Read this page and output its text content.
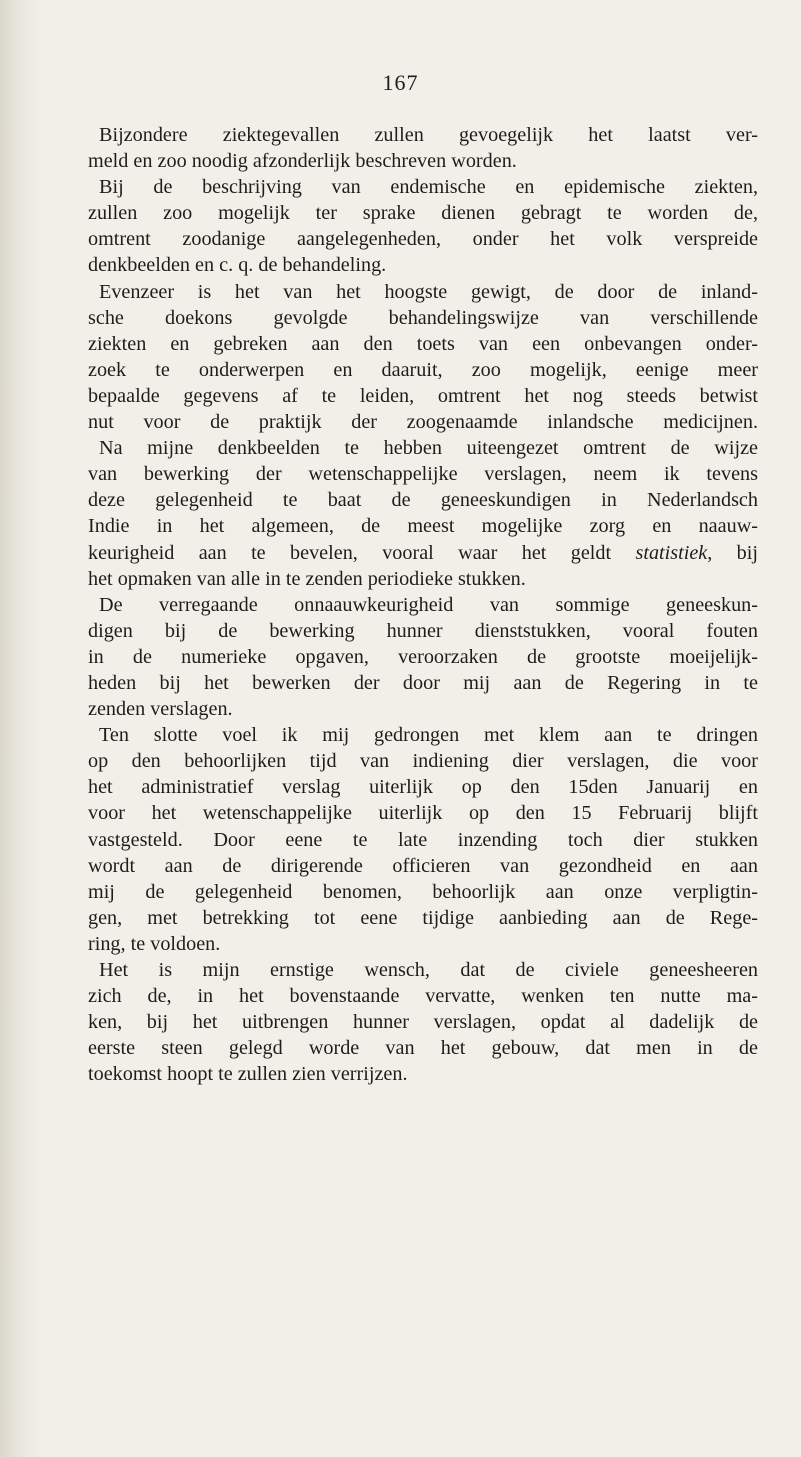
167
Bijzondere ziektegevallen zullen gevoegelijk het laatst ver-
meld en zoo noodig afzonderlijk beschreven worden.
Bij de beschrijving van endemische en epidemische ziekten,
zullen zoo mogelijk ter sprake dienen gebragt te worden de,
omtrent zoodanige aangelegenheden, onder het volk verspreide
denkbeelden en c. q. de behandeling.
Evenzeer is het van het hoogste gewigt, de door de inland-
sche doekons gevolgde behandelingswijze van verschillende
ziekten en gebreken aan den toets van een onbevangen onder-
zoek te onderwerpen en daaruit, zoo mogelijk, eenige meer
bepaalde gegevens af te leiden, omtrent het nog steeds betwist
nut voor de praktijk der zoogenaamde inlandsche medicijnen.
Na mijne denkbeelden te hebben uiteengezet omtrent de wijze
van bewerking der wetenschappelijke verslagen, neem ik tevens
deze gelegenheid te baat de geneeskundigen in Nederlandsch
Indie in het algemeen, de meest mogelijke zorg en naauw-
keurigheid aan te bevelen, vooral waar het geldt statistiek, bij
het opmaken van alle in te zenden periodieke stukken.
De verregaande onnaauwkeurigheid van sommige geneeskun-
digen bij de bewerking hunner dienststukken, vooral fouten
in de numerieke opgaven, veroorzaken de grootste moeijelijk-
heden bij het bewerken der door mij aan de Regering in te
zenden verslagen.
Ten slotte voel ik mij gedrongen met klem aan te dringen
op den behoorlijken tijd van indiening dier verslagen, die voor
het administratief verslag uiterlijk op den 15den Januarij en
voor het wetenschappelijke uiterlijk op den 15 Februarij blijft
vastgesteld. Door eene te late inzending toch dier stukken
wordt aan de dirigerende officieren van gezondheid en aan
mij de gelegenheid benomen, behoorlijk aan onze verpligtin-
gen, met betrekking tot eene tijdige aanbieding aan de Rege-
ring, te voldoen.
Het is mijn ernstige wensch, dat de civiele geneesheeren
zich de, in het bovenstaande vervatte, wenken ten nutte ma-
ken, bij het uitbrengen hunner verslagen, opdat al dadelijk de
eerste steen gelegd worde van het gebouw, dat men in de
toekomst hoopt te zullen zien verrijzen.
